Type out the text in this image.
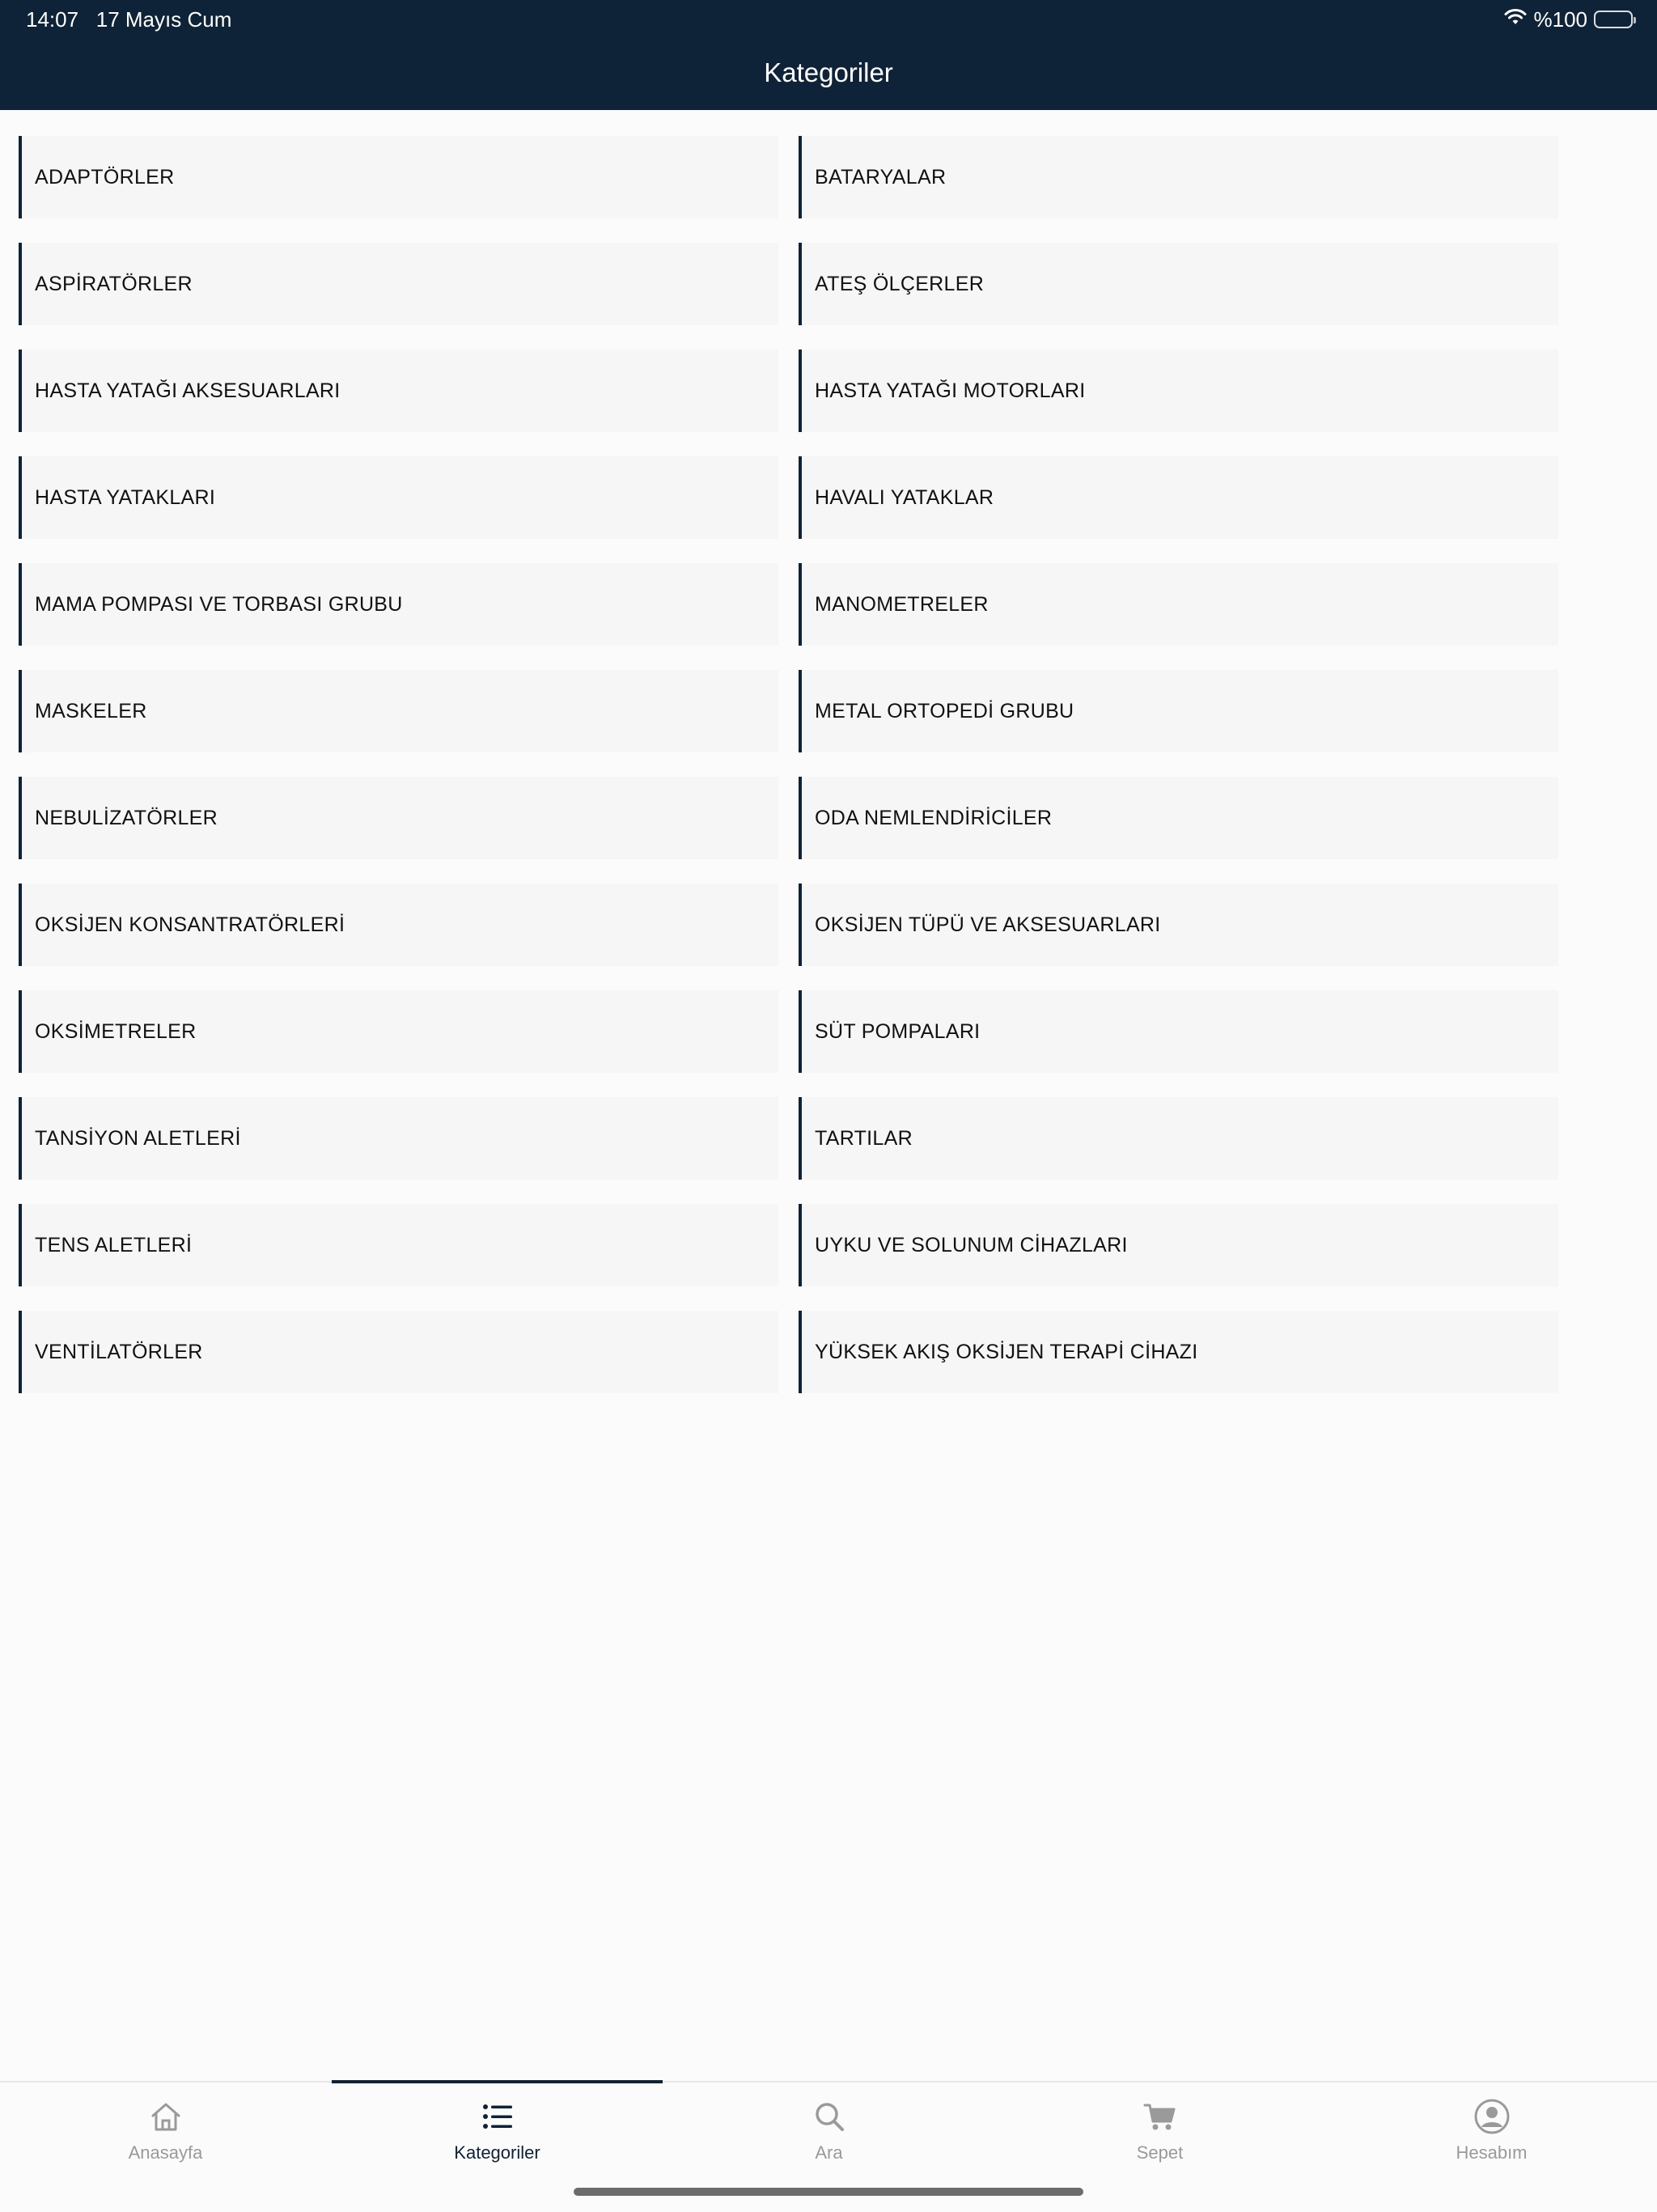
14:07 17 Mayıs Cum	%100
Kategoriler
ADAPTÖRLER	BATARYALAR
ASPİRATÖRLER	ATEŞ ÖLÇERLER
HASTA YATAĞI AKSESUARLARI	HASTA YATAĞI MOTORLARI
HASTA YATAKLARI	HAVALI YATAKLAR
MAMA POMPASI VE TORBASI GRUBU	MANOMETRELER
MASKELER	METAL ORTOPEDİ GRUBU
NEBULİZATÖRLER	ODA NEMLENDİRİCİLER
OKSİJEN KONSANTRATÖRLERİ	OKSİJEN TÜPÜ VE AKSESUARLARI
OKSİMETRELER	SÜT POMPALARI
TANSİYON ALETLERİ	TARTILAR
TENS ALETLERİ	UYKU VE SOLUNUM CİHAZLARI
VENTİLATÖRLER	YÜKSEK AKIŞ OKSİJEN TERAPİ CİHAZI
Anasayfa	Kategoriler	Ara	Sepet	Hesabım
